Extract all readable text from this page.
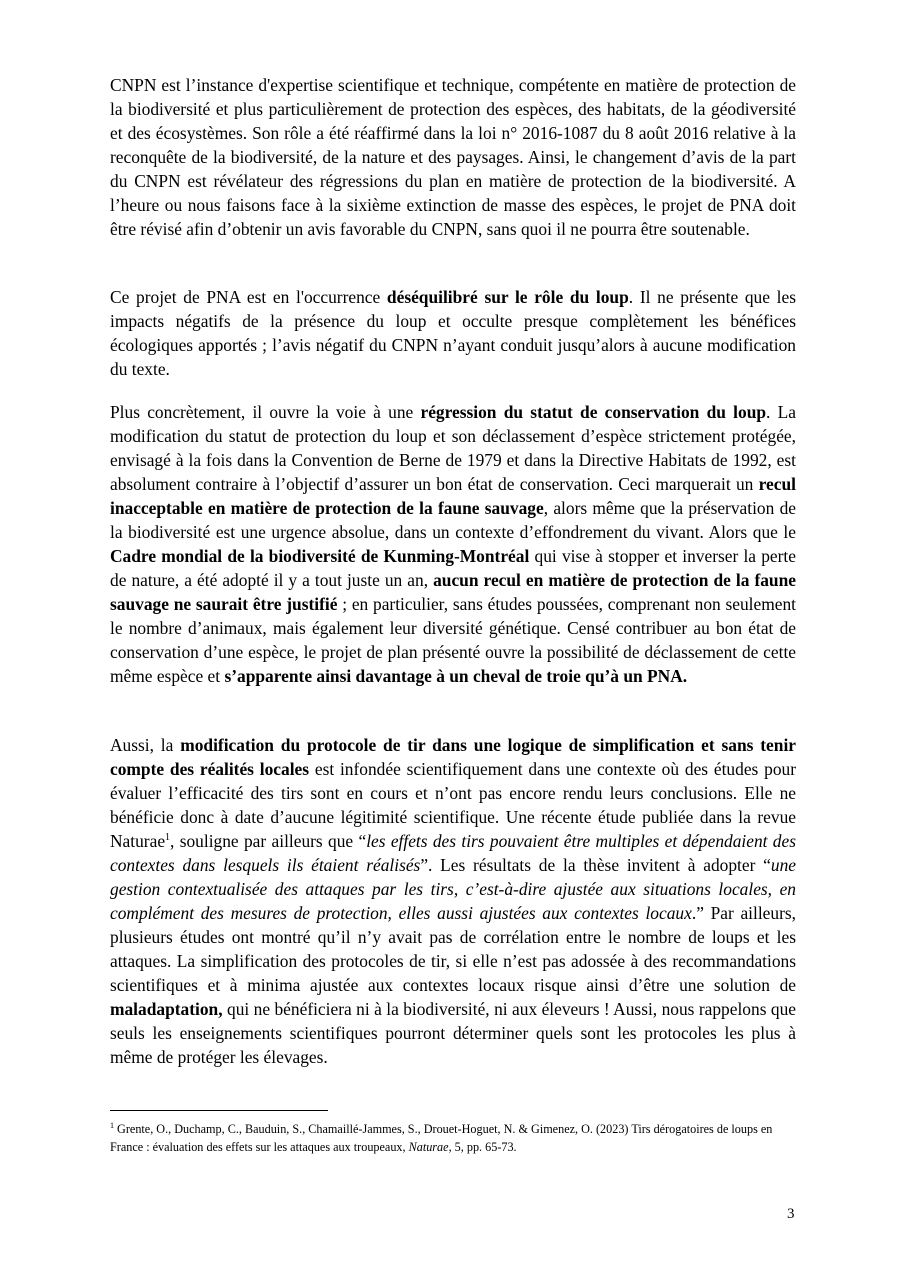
CNPN est l’instance d'expertise scientifique et technique, compétente en matière de protection de la biodiversité et plus particulièrement de protection des espèces, des habitats, de la géodiversité et des écosystèmes. Son rôle a été réaffirmé dans la loi n° 2016-1087 du 8 août 2016 relative à la reconquête de la biodiversité, de la nature et des paysages. Ainsi, le changement d’avis de la part du CNPN est révélateur des régressions du plan en matière de protection de la biodiversité. A l’heure ou nous faisons face à la sixième extinction de masse des espèces, le projet de PNA doit être révisé afin d’obtenir un avis favorable du CNPN, sans quoi il ne pourra être soutenable.

Ce projet de PNA est en l'occurrence déséquilibré sur le rôle du loup. Il ne présente que les impacts négatifs de la présence du loup et occulte presque complètement les bénéfices écologiques apportés ; l’avis négatif du CNPN n’ayant conduit jusqu’alors à aucune modification du texte.

Plus concrètement, il ouvre la voie à une régression du statut de conservation du loup. La modification du statut de protection du loup et son déclassement d’espèce strictement protégée, envisagé à la fois dans la Convention de Berne de 1979 et dans la Directive Habitats de 1992, est absolument contraire à l’objectif d’assurer un bon état de conservation. Ceci marquerait un recul inacceptable en matière de protection de la faune sauvage, alors même que la préservation de la biodiversité est une urgence absolue, dans un contexte d’effondrement du vivant. Alors que le Cadre mondial de la biodiversité de Kunming-Montréal qui vise à stopper et inverser la perte de nature, a été adopté il y a tout juste un an, aucun recul en matière de protection de la faune sauvage ne saurait être justifié ; en particulier, sans études poussées, comprenant non seulement le nombre d’animaux, mais également leur diversité génétique. Censé contribuer au bon état de conservation d’une espèce, le projet de plan présenté ouvre la possibilité de déclassement de cette même espèce et s’apparente ainsi davantage à un cheval de troie qu’à un PNA.

Aussi, la modification du protocole de tir dans une logique de simplification et sans tenir compte des réalités locales est infondée scientifiquement dans une contexte où des études pour évaluer l’efficacité des tirs sont en cours et n’ont pas encore rendu leurs conclusions. Elle ne bénéficie donc à date d’aucune légitimité scientifique. Une récente étude publiée dans la revue Naturae$^1$, souligne par ailleurs que “les effets des tirs pouvaient être multiples et dépendaient des contextes dans lesquels ils étaient réalisés”. Les résultats de la thèse invitent à adopter “une gestion contextualisée des attaques par les tirs, c’est-à-dire ajustée aux situations locales, en complément des mesures de protection, elles aussi ajustées aux contextes locaux.” Par ailleurs, plusieurs études ont montré qu’il n’y avait pas de corrélation entre le nombre de loups et les attaques. La simplification des protocoles de tir, si elle n’est pas adossée à des recommandations scientifiques et à minima ajustée aux contextes locaux risque ainsi d’être une solution de maladaptation, qui ne bénéficiera ni à la biodiversité, ni aux éleveurs ! Aussi, nous rappelons que seuls les enseignements scientifiques pourront déterminer quels sont les protocoles les plus à même de protéger les élevages.

$^1$ Grente, O., Duchamp, C., Bauduin, S., Chamaillé-Jammes, S., Drouet-Hoguet, N. & Gimenez, O. (2023) Tirs dérogatoires de loups en France : évaluation des effets sur les attaques aux troupeaux, Naturae, 5, pp. 65-73.

3
